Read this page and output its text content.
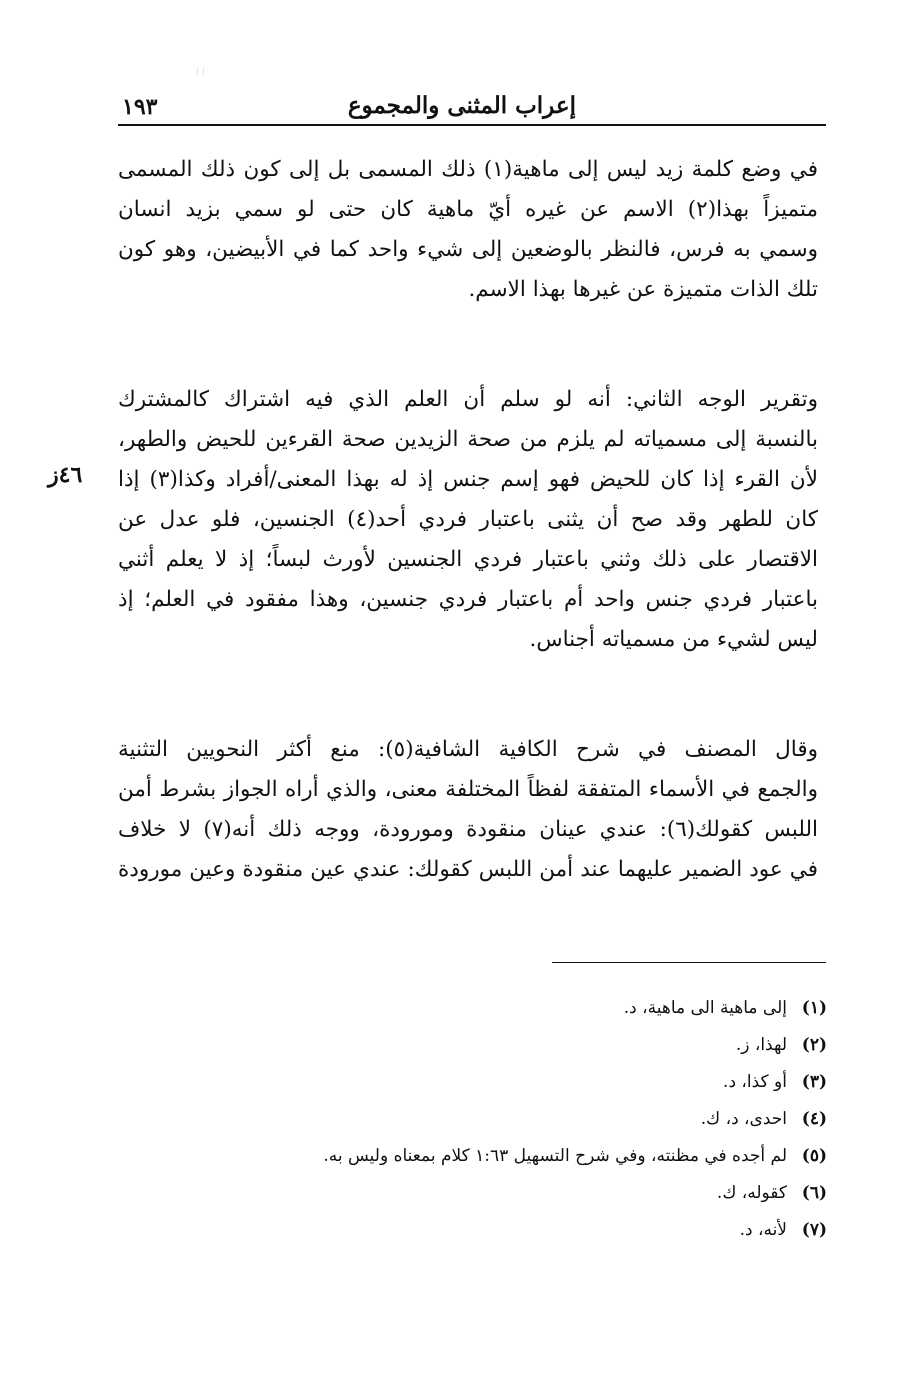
⁞ ⁞
إعراب المثنى والمجموع
١٩٣
٤٦ز
في وضع كلمة زيد ليس إلى ماهية(١) ذلك المسمى بل إلى كون ذلك المسمى
متميزاً بهذا(٢) الاسم عن غيره أيّ ماهية كان حتى لو سمي بزيد انسان
وسمي به فرس، فالنظر بالوضعين إلى شيء واحد كما في الأبيضين، وهو كون
تلك الذات متميزة عن غيرها بهذا الاسم.
وتقرير الوجه الثاني: أنه لو سلم أن العلم الذي فيه اشتراك كالمشترك
بالنسبة إلى مسمياته لم يلزم من صحة الزيدين صحة القرءين للحيض والطهر،
لأن القرء إذا كان للحيض فهو إسم جنس إذ له بهذا المعنى/أفراد وكذا(٣) إذا
كان للطهر وقد صح أن يثنى باعتبار فردي أحد(٤) الجنسين، فلو عدل عن
الاقتصار على ذلك وثني باعتبار فردي الجنسين لأورث لبساً؛ إذ لا يعلم أثني
باعتبار فردي جنس واحد أم باعتبار فردي جنسين، وهذا مفقود في العلم؛ إذ
ليس لشيء من مسمياته أجناس.
وقال المصنف في شرح الكافية الشافية(٥): منع أكثر النحويين التثنية
والجمع في الأسماء المتفقة لفظاً المختلفة معنى، والذي أراه الجواز بشرط أمن
اللبس كقولك(٦): عندي عينان منقودة ومورودة، ووجه ذلك أنه(٧) لا خلاف
في عود الضمير عليهما عند أمن اللبس كقولك: عندي عين منقودة وعين مورودة
(١)إلى ماهية الى ماهية، د.
(٢)لهذا، ز.
(٣)أو كذا، د.
(٤)احدى، د، ك.
(٥)لم أجده في مظنته، وفي شرح التسهيل ١:٦٣ كلام بمعناه وليس به.
(٦)كقوله، ك.
(٧)لأنه، د.
